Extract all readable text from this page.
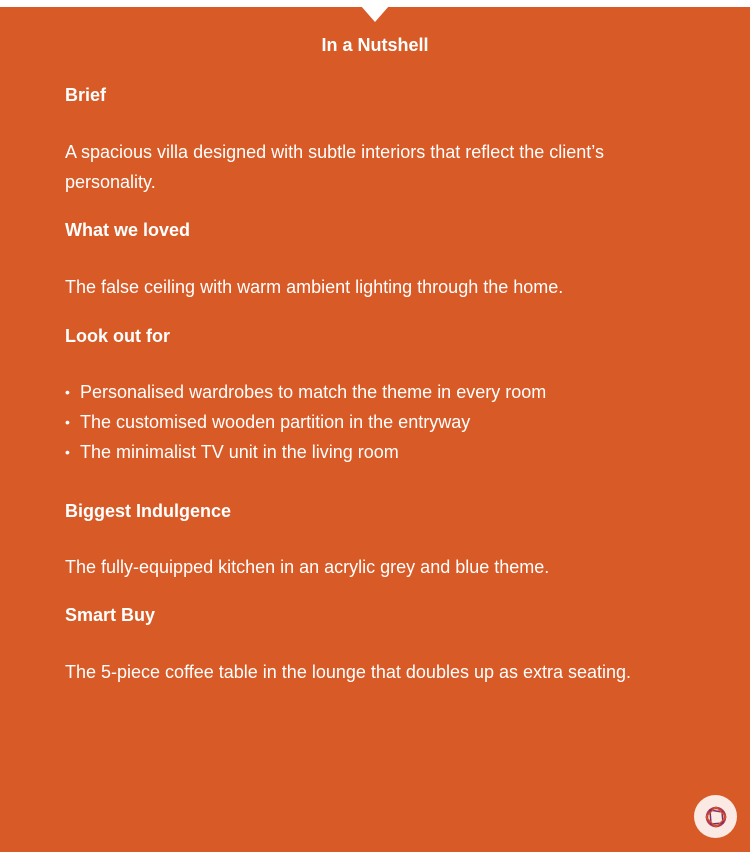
In a Nutshell
Brief

A spacious villa designed with subtle interiors that reflect the client’s personality.

What we loved

The false ceiling with warm ambient lighting through the home.

Look out for
• Personalised wardrobes to match the theme in every room
• The customised wooden partition in the entryway
• The minimalist TV unit in the living room
Biggest Indulgence

The fully-equipped kitchen in an acrylic grey and blue theme.

Smart Buy

The 5-piece coffee table in the lounge that doubles up as extra seating.
